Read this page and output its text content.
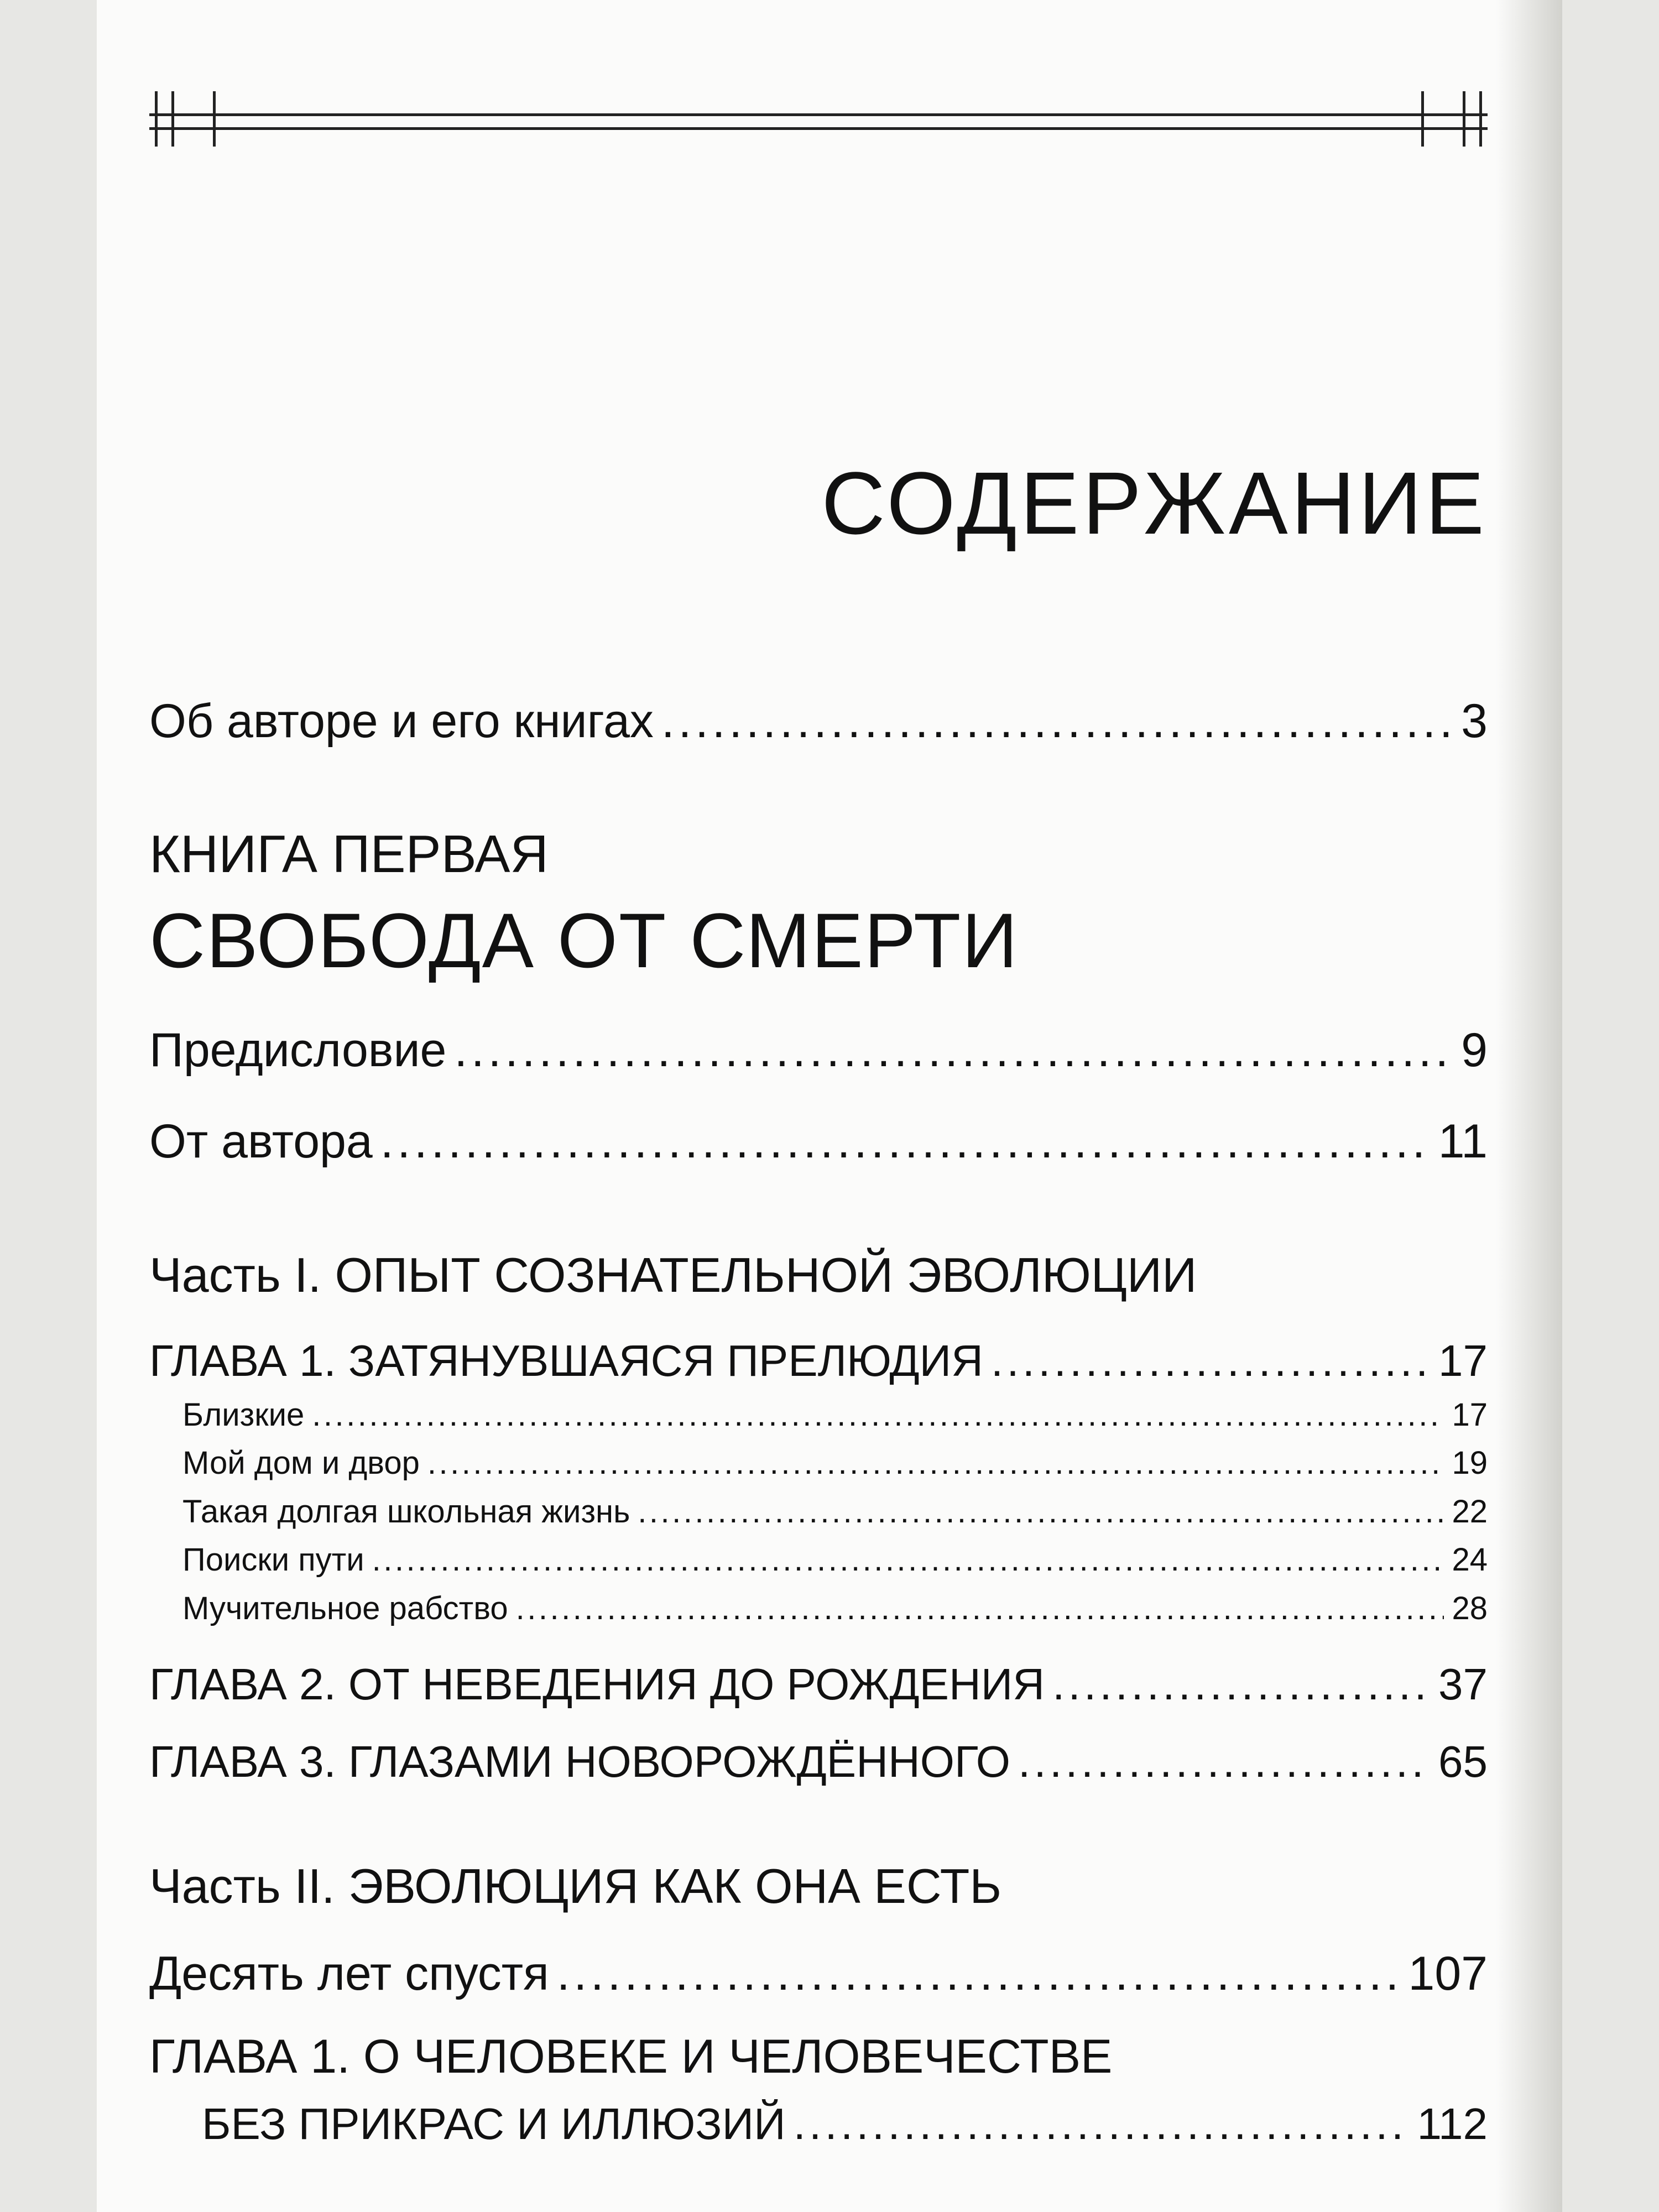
СОДЕРЖАНИЕ
Об авторе и его книгах . . .	3
КНИГА ПЕРВАЯ
СВОБОДА ОТ СМЕРТИ
Предисловие . . .	9
От автора . . .	11
Часть I. ОПЫТ СОЗНАТЕЛЬНОЙ ЭВОЛЮЦИИ
ГЛАВА 1. ЗАТЯНУВШАЯСЯ ПРЕЛЮДИЯ . . .	17
Близкие . . .	17
Мой дом и двор . . .	19
Такая долгая школьная жизнь . . .	22
Поиски пути . . .	24
Мучительное рабство . . .	28
ГЛАВА 2. ОТ НЕВЕДЕНИЯ ДО РОЖДЕНИЯ . . .	37
ГЛАВА 3. ГЛАЗАМИ НОВОРОЖДЁННОГО . . .	65
Часть II. ЭВОЛЮЦИЯ КАК ОНА ЕСТЬ
Десять лет спустя . . .	107
ГЛАВА 1. О ЧЕЛОВЕКЕ И ЧЕЛОВЕЧЕСТВЕ
БЕЗ ПРИКРАС И ИЛЛЮЗИЙ . . .	112
